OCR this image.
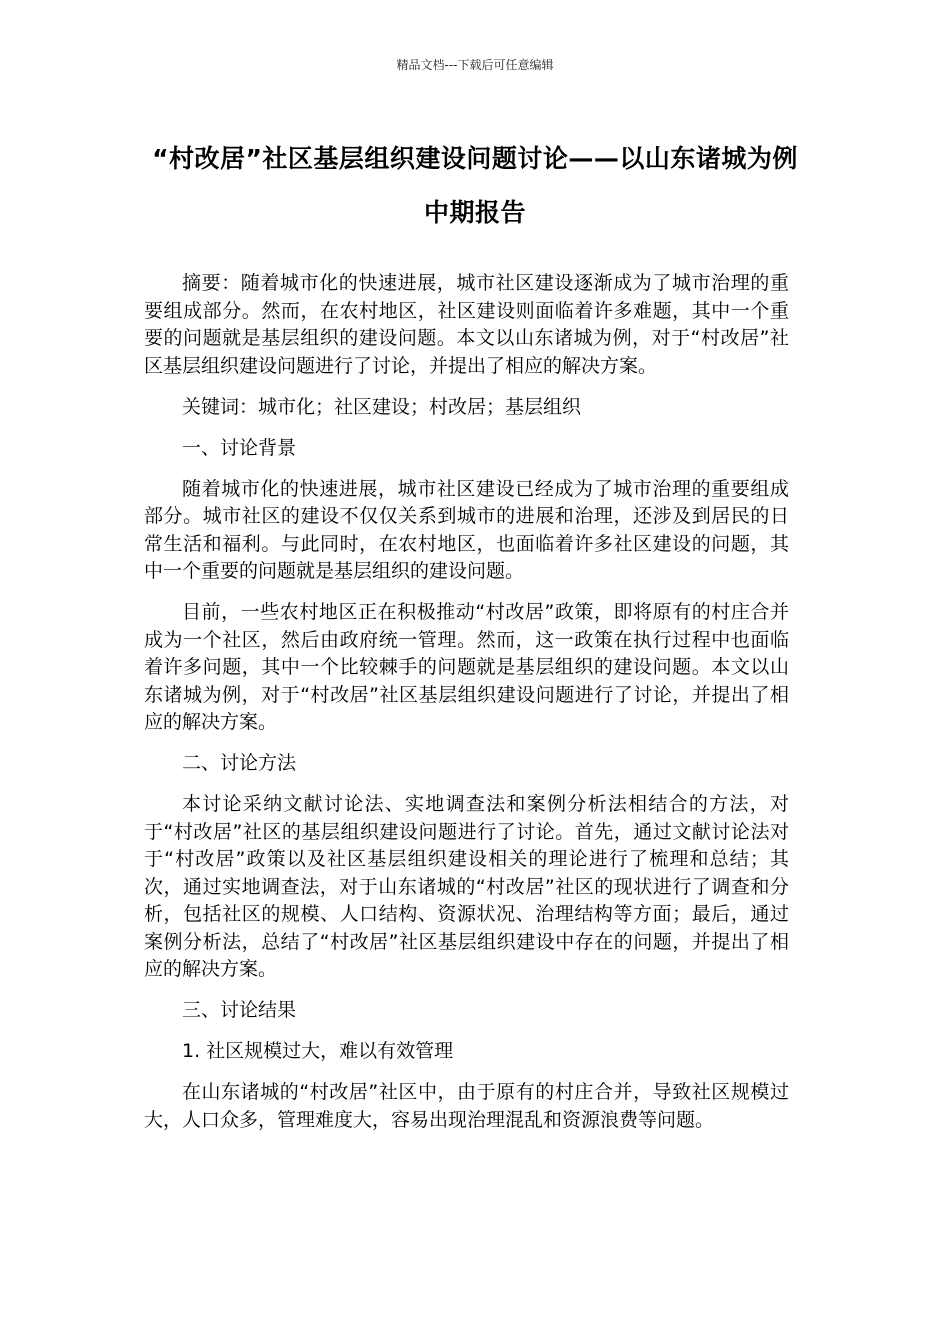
精品文档---下载后可任意编辑
“村改居”社区基层组织建设问题讨论——以山东诸城为例中期报告

摘要：随着城市化的快速进展，城市社区建设逐渐成为了城市治理的重要组成部分。然而，在农村地区，社区建设则面临着许多难题，其中一个重要的问题就是基层组织的建设问题。本文以山东诸城为例，对于“村改居”社区基层组织建设问题进行了讨论，并提出了相应的解决方案。

关键词：城市化；社区建设；村改居；基层组织

一、讨论背景

随着城市化的快速进展，城市社区建设已经成为了城市治理的重要组成部分。城市社区的建设不仅仅关系到城市的进展和治理，还涉及到居民的日常生活和福利。与此同时，在农村地区，也面临着许多社区建设的问题，其中一个重要的问题就是基层组织的建设问题。

目前，一些农村地区正在积极推动“村改居”政策，即将原有的村庄合并成为一个社区，然后由政府统一管理。然而，这一政策在执行过程中也面临着许多问题，其中一个比较棘手的问题就是基层组织的建设问题。本文以山东诸城为例，对于“村改居”社区基层组织建设问题进行了讨论，并提出了相应的解决方案。

二、讨论方法

本讨论采纳文献讨论法、实地调查法和案例分析法相结合的方法，对于“村改居”社区的基层组织建设问题进行了讨论。首先，通过文献讨论法对于“村改居”政策以及社区基层组织建设相关的理论进行了梳理和总结；其次，通过实地调查法，对于山东诸城的“村改居”社区的现状进行了调查和分析，包括社区的规模、人口结构、资源状况、治理结构等方面；最后，通过案例分析法，总结了“村改居”社区基层组织建设中存在的问题，并提出了相应的解决方案。

三、讨论结果

1. 社区规模过大，难以有效管理

在山东诸城的“村改居”社区中，由于原有的村庄合并，导致社区规模过大，人口众多，管理难度大，容易出现治理混乱和资源浪费等问题。
